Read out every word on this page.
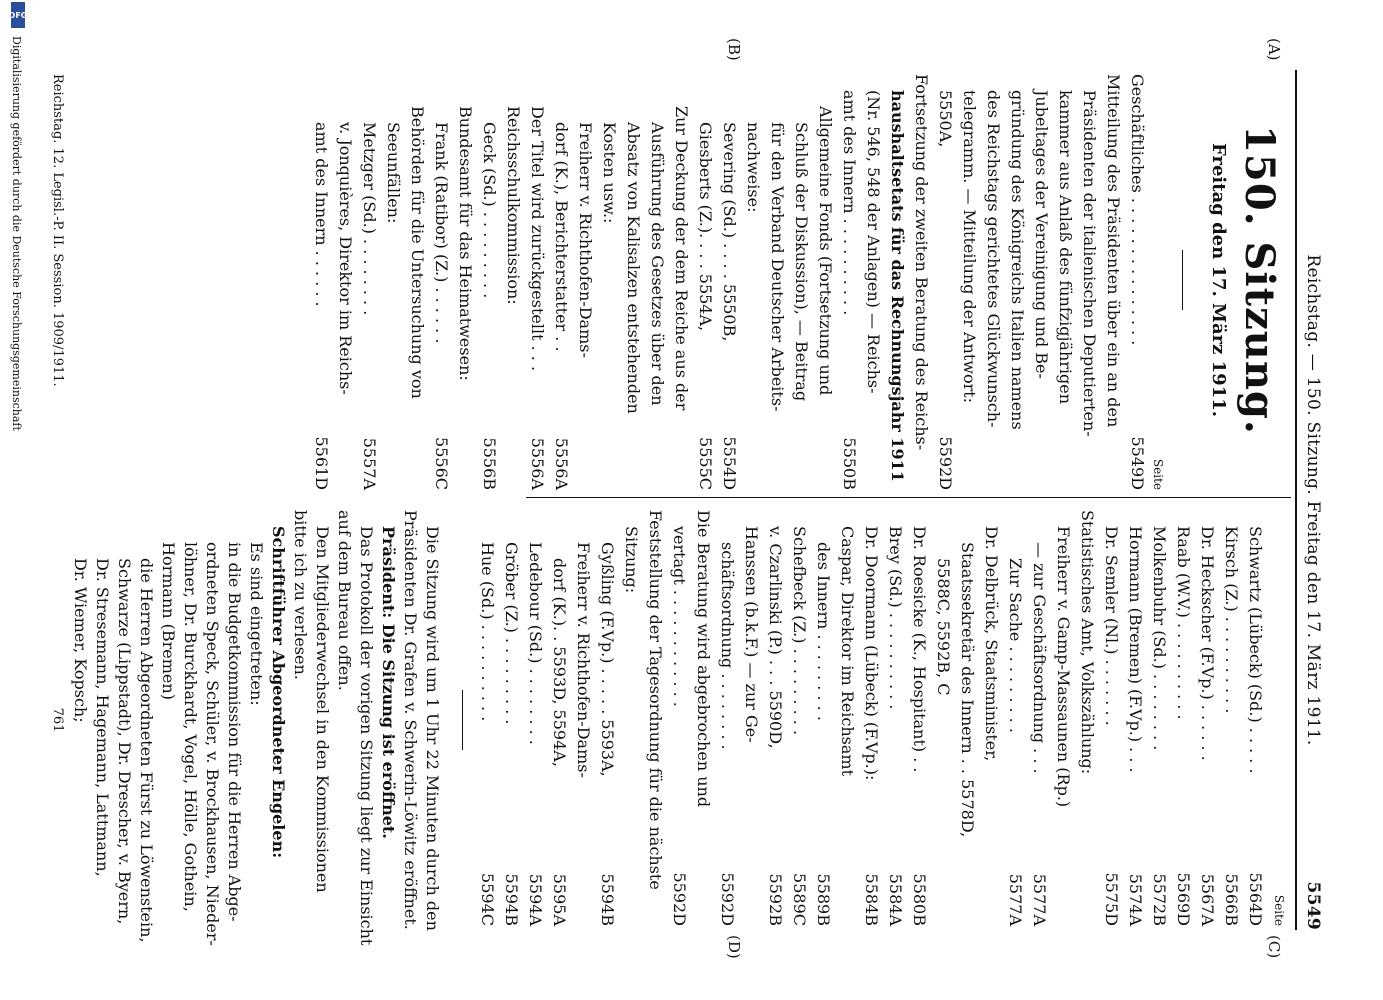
Reichstag. — 150. Sitzung. Freitag den 17. März 1911.
5549
(A)
(B)
(C)
(D)
150. Sitzung.
Freitag den 17. März 1911.
Seite
Geschäftliches . . . . . . . . . . . . . . .
5549D
Mitteilung des Präsidenten über ein an den
Präsidenten der italienischen Deputierten-
kammer aus Anlaß des fünfzigjährigen
Jubeltages der Vereinigung und Be-
gründung des Königreichs Italien namens
des Reichstags gerichtetes Glückwunsch-
telegramm. — Mitteilung der Antwort:
5550A,
5592D
Fortsetzung der zweiten Beratung des Reichs-
haushaltsetats für das Rechnungsjahr 1911
(Nr. 546, 548 der Anlagen) — Reichs-
amt des Innern . . . . . . . . . .
5550B
Allgemeine Fonds (Fortsetzung und
Schluß der Diskussion), — Beitrag
für den Verband Deutscher Arbeits-
nachweise:
Severing (Sd.) . . . . 5550B,
5554D
Giesberts (Z.). . . . 5554A,
5555C
Zur Deckung der dem Reiche aus der
Ausführung des Gesetzes über den
Absatz von Kalisalzen entstehenden
Kosten usw.:
Freiherr v. Richthofen-Dams-
dorf (K.), Berichterstatter . .
5556A
Der Titel wird zurückgestellt . . .
5556A
Reichsschulkommission:
Geck (Sd.) . . . . . . . . .
5556B
Bundesamt für das Heimatwesen:
Frank (Ratibor) (Z.) . . . . . .
5556C
Behörden für die Untersuchung von
Seeunfällen:
Metzger (Sd.) . . . . . . . .
5557A
v. Jonquières, Direktor im Reichs-
amt des Innern . . . . . .
5561D
Seite
Schwartz (Lübeck) (Sd.) . . . . .
5564D
Kirsch (Z.) . . . . . . . . . .
5566B
Dr. Heckscher (F.Vp.) . . . . . .
5567A
Raab (W.V.) . . . . . . . . . .
5569D
Molkenbuhr (Sd.) . . . . . . . .
5572B
Hormann (Bremen) (F.Vp.) . . .
5574A
Dr. Semler (Nl.) . . . . . . .
5575D
Statistisches Amt, Volkszählung:
Freiherr v. Gamp-Massaunen (Rp.)
— zur Geschäftsordnung . . .
5577A
Zur Sache . . . . . . . . .
5577A
Dr. Delbrück, Staatsminister,
Staatssekretär des Innern . . 5578D,
5588C, 5592B, C
Dr. Roesicke (K., Hospitant) . .
5580B
Brey (Sd.) . . . . . . . . . .
5584A
Dr. Doormann (Lübeck) (F.Vp.):
5584B
Caspar, Direktor im Reichsamt
des Innern . . . . . . . . .
5589B
Schefbeck (Z.) . . . . . . . . .
5589C
v. Czarlinski (P.) . . . 5590D,
5592B
Hanssen (b.k.F.) — zur Ge-
schäftsordnung . . . . . . . .
5592D
Die Beratung wird abgebrochen und
vertagt . . . . . . . . . . . .
5592D
Feststellung der Tagesordnung für die nächste
Sitzung:
Gyßling (F.Vp.) . . . . . 5593A,
5594B
Freiherr v. Richthofen-Dams-
dorf (K.). . 5593D, 5594A,
5595A
Ledebour (Sd.) . . . . . . . .
5594A
Gröber (Z.) . . . . . . . . .
5594B
Hue (Sd.) . . . . . . . . . .
5594C
Die Sitzung wird um 1 Uhr 22 Minuten durch den
Präsidenten Dr. Grafen v. Schwerin-Löwitz eröffnet.
Präsident: Die Sitzung ist eröffnet.
Das Protokoll der vorigen Sitzung liegt zur Einsicht
auf dem Bureau offen.
Den Mitgliederwechsel in den Kommissionen
bitte ich zu verlesen.
Schriftführer Abgeordneter Engelen:
Es sind eingetreten:
in die Budgetkommission für die Herren Abge-
ordneten Speck, Schüler, v. Brockhausen, Nieder-
löhner, Dr. Burckhardt, Vogel, Hölle, Gothein,
Hormann (Bremen)
die Herren Abgeordneten Fürst zu Löwenstein,
Schwarze (Lippstadt), Dr. Drescher, v. Byern,
Dr. Stresemann, Hagemann, Lattmann,
Dr. Wiemer, Kopsch;
Reichstag. 12. Legisl.-P. II. Session. 1909/1911.
761
Digitalisierung gefördert durch die Deutsche Forschungsgemeinschaft
DFG
